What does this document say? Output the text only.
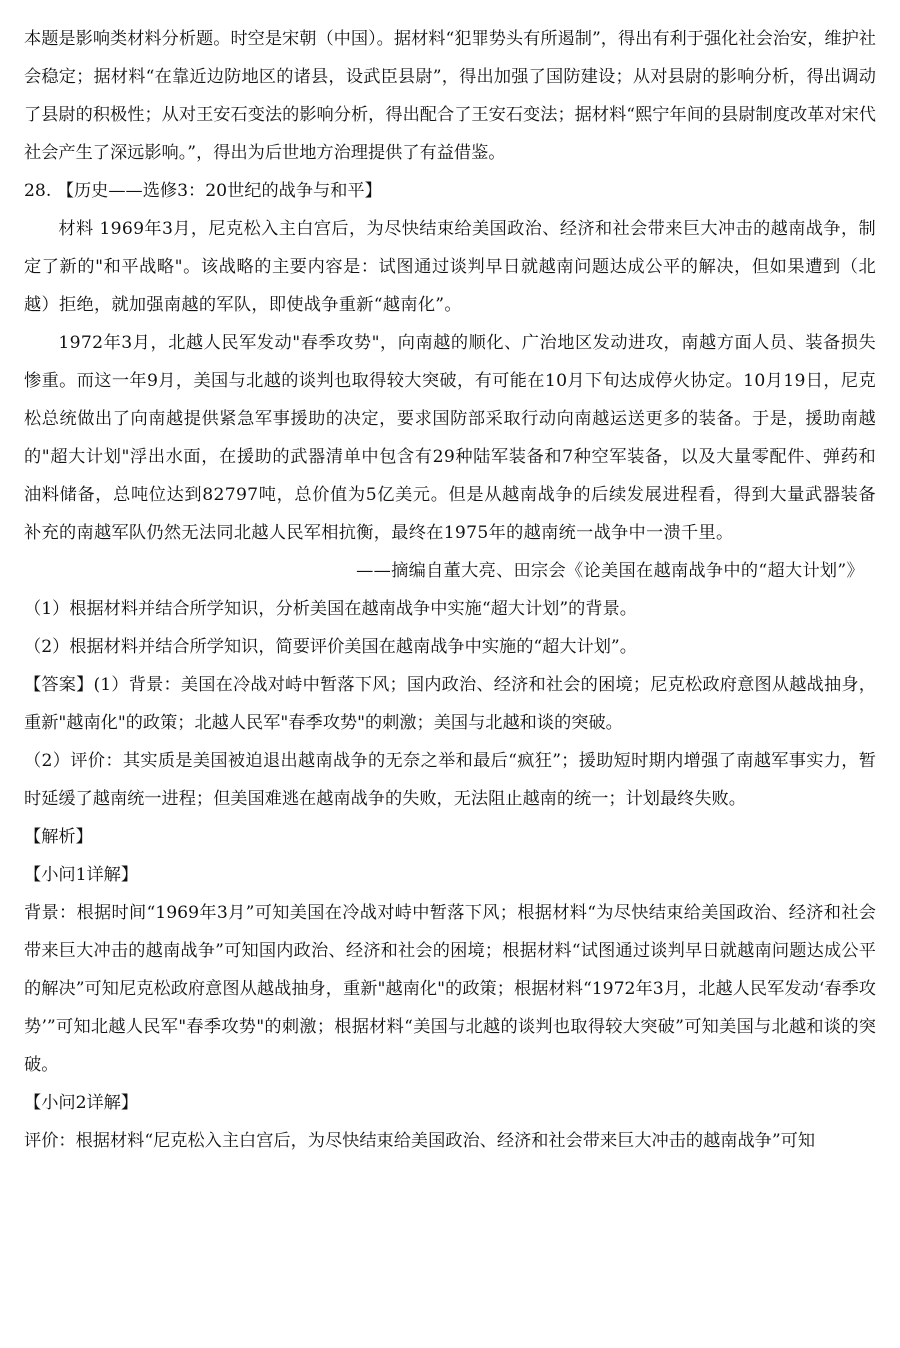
本题是影响类材料分析题。时空是宋朝（中国）。据材料“犯罪势头有所遏制”，得出有利于强化社会治安，维护社会稳定；据材料“在靠近边防地区的诸县，设武臣县尉”，得出加强了国防建设；从对县尉的影响分析，得出调动了县尉的积极性；从对王安石变法的影响分析，得出配合了王安石变法；据材料“熙宁年间的县尉制度改革对宋代社会产生了深远影响。”，得出为后世地方治理提供了有益借鉴。

28. 【历史——选修3：20世纪的战争与和平】

材料 1969年3月，尼克松入主白宫后，为尽快结束给美国政治、经济和社会带来巨大冲击的越南战争，制定了新的"和平战略"。该战略的主要内容是：试图通过谈判早日就越南问题达成公平的解决，但如果遭到（北越）拒绝，就加强南越的军队，即使战争重新“越南化”。

1972年3月，北越人民军发动"春季攻势"，向南越的顺化、广治地区发动进攻，南越方面人员、装备损失惨重。而这一年9月，美国与北越的谈判也取得较大突破，有可能在10月下旬达成停火协定。10月19日，尼克松总统做出了向南越提供紧急军事援助的决定，要求国防部采取行动向南越运送更多的装备。于是，援助南越的"超大计划"浮出水面，在援助的武器清单中包含有29种陆军装备和7种空军装备，以及大量零配件、弹药和油料储备，总吨位达到82797吨，总价值为5亿美元。但是从越南战争的后续发展进程看，得到大量武器装备补充的南越军队仍然无法同北越人民军相抗衡，最终在1975年的越南统一战争中一溃千里。

——摘编自董大亮、田宗会《论美国在越南战争中的“超大计划”》

（1）根据材料并结合所学知识，分析美国在越南战争中实施“超大计划”的背景。

（2）根据材料并结合所学知识，简要评价美国在越南战争中实施的“超大计划”。

【答案】(1）背景：美国在冷战对峙中暂落下风；国内政治、经济和社会的困境；尼克松政府意图从越战抽身，重新"越南化"的政策；北越人民军"春季攻势"的刺激；美国与北越和谈的突破。

（2）评价：其实质是美国被迫退出越南战争的无奈之举和最后“疯狂”；援助短时期内增强了南越军事实力，暂时延缓了越南统一进程；但美国难逃在越南战争的失败，无法阻止越南的统一；计划最终失败。

【解析】

【小问1详解】

背景：根据时间“1969年3月”可知美国在冷战对峙中暂落下风；根据材料“为尽快结束给美国政治、经济和社会带来巨大冲击的越南战争”可知国内政治、经济和社会的困境；根据材料“试图通过谈判早日就越南问题达成公平的解决”可知尼克松政府意图从越战抽身，重新"越南化"的政策；根据材料“1972年3月，北越人民军发动‘春季攻势’”可知北越人民军"春季攻势"的刺激；根据材料“美国与北越的谈判也取得较大突破”可知美国与北越和谈的突破。

【小问2详解】

评价：根据材料“尼克松入主白宫后，为尽快结束给美国政治、经济和社会带来巨大冲击的越南战争”可知
